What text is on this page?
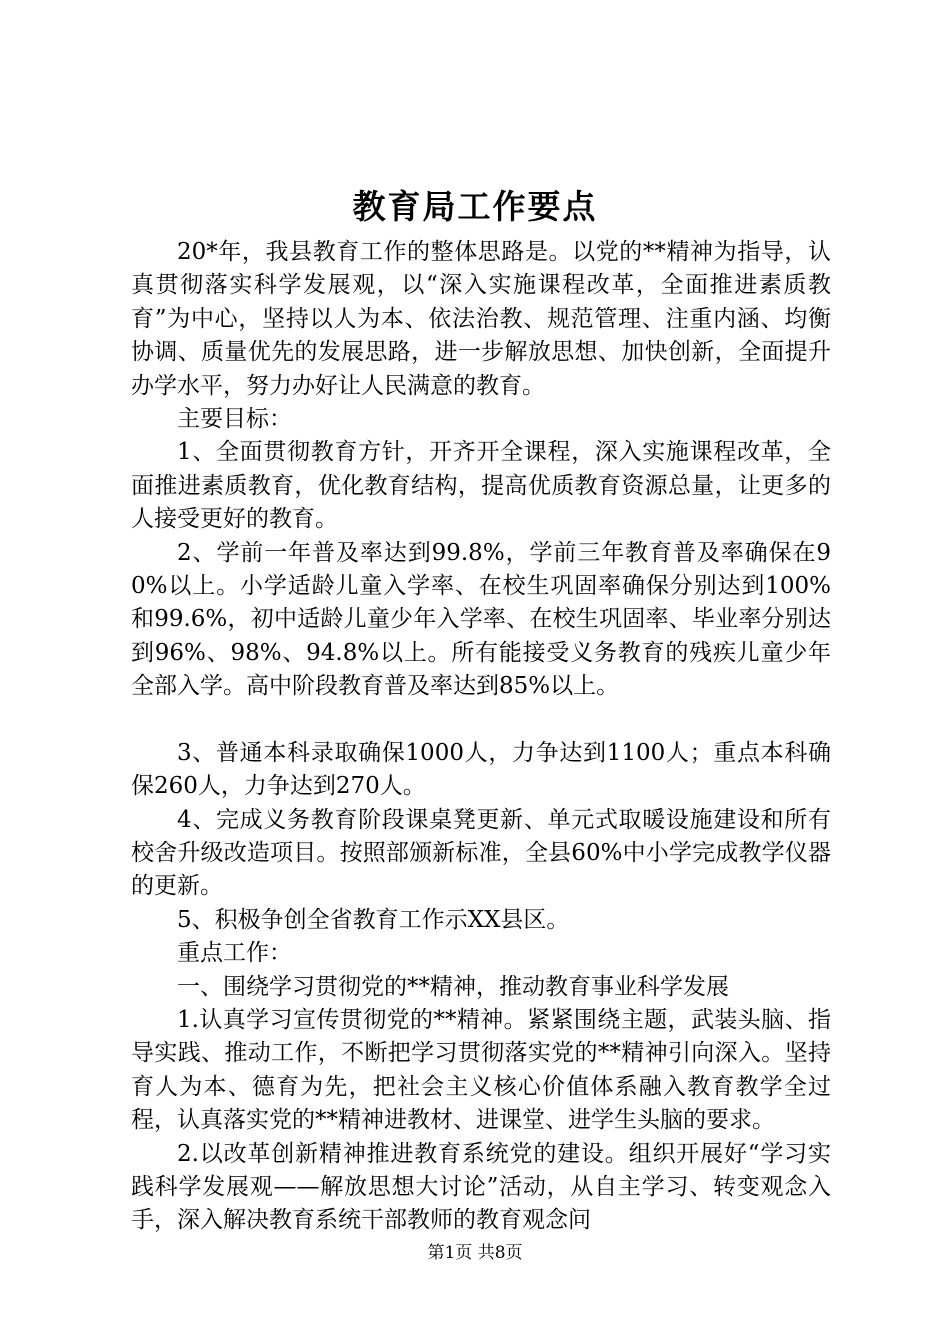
教育局工作要点

20*年，我县教育工作的整体思路是。以党的**精神为指导，认真贯彻落实科学发展观，以“深入实施课程改革，全面推进素质教育”为中心，坚持以人为本、依法治教、规范管理、注重内涵、均衡协调、质量优先的发展思路，进一步解放思想、加快创新，全面提升办学水平，努力办好让人民满意的教育。

主要目标：

1、全面贯彻教育方针，开齐开全课程，深入实施课程改革，全面推进素质教育，优化教育结构，提高优质教育资源总量，让更多的人接受更好的教育。

2、学前一年普及率达到99.8%，学前三年教育普及率确保在90%以上。小学适龄儿童入学率、在校生巩固率确保分别达到100%和99.6%，初中适龄儿童少年入学率、在校生巩固率、毕业率分别达到96%、98%、94.8%以上。所有能接受义务教育的残疾儿童少年全部入学。高中阶段教育普及率达到85%以上。

3、普通本科录取确保1000人，力争达到1100人；重点本科确保260人，力争达到270人。

4、完成义务教育阶段课桌凳更新、单元式取暖设施建设和所有校舍升级改造项目。按照部颁新标准，全县60%中小学完成教学仪器的更新。

5、积极争创全省教育工作示XX县区。

重点工作：

一、围绕学习贯彻党的**精神，推动教育事业科学发展

1.认真学习宣传贯彻党的**精神。紧紧围绕主题，武装头脑、指导实践、推动工作，不断把学习贯彻落实党的**精神引向深入。坚持育人为本、德育为先，把社会主义核心价值体系融入教育教学全过程，认真落实党的**精神进教材、进课堂、进学生头脑的要求。

2.以改革创新精神推进教育系统党的建设。组织开展好“学习实践科学发展观——解放思想大讨论”活动，从自主学习、转变观念入手，深入解决教育系统干部教师的教育观念问

第1页 共8页
